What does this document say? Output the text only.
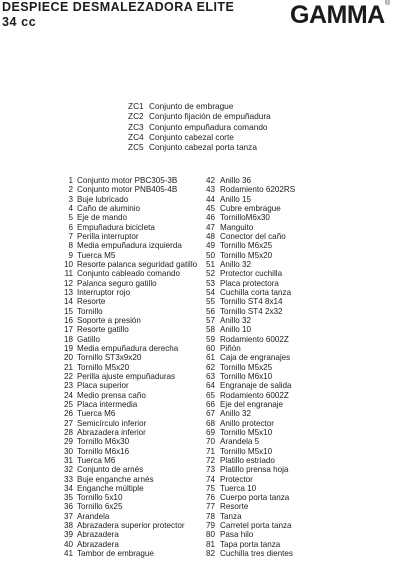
DESPIECE DESMALEZADORA ELITE
34 cc	GAMMA ®
ZC1 Conjunto de embrague
ZC2 Conjunto fijación de empuñadura
ZC3 Conjunto empuñadura comando
ZC4 Conjunto cabezal corte
ZC5 Conjunto cabezal porta tanza
1 Conjunto motor PBC305-3B
2 Conjunto motor PNB405-4B
3 Buje lubricado
4 Caño de aluminio
5 Eje de mando
6 Empuñadura bicicleta
7 Perilla interruptor
8 Media empuñadura izquierda
9 Tuerca M5
10 Resorte palanca seguridad gatillo
11 Conjunto cableado comando
12 Palanca seguro gatillo
13 Interruptor rojo
14 Resorte
15 Tornillo
16 Soporte a presión
17 Resorte gatillo
18 Gatillo
19 Media empuñadura derecha
20 Tornillo ST3x9x20
21 Tornillo M5x20
22 Perilla ajuste empuñaduras
23 Placa superior
24 Medio prensa caño
25 Placa intermedia
26 Tuerca M6
27 Semicírculo inferior
28 Abrazadera inferior
29 Tornillo M6x30
30 Tornillo M6x16
31 Tuerca M6
32 Conjunto de arnés
33 Buje enganche arnés
34 Enganche múltiple
35 Tornillo 5x10
36 Tornillo 6x25
37 Arandela
38 Abrazadera superior protector
39 Abrazadera
40 Abrazadera
41 Tambor de embrague
42 Anillo 36
43 Rodamiento 6202RS
44 Anillo 15
45 Cubre embrague
46 TornilloM6x30
47 Manguito
48 Conector del caño
49 Tornillo M6x25
50 Tornillo M5x20
51 Anillo 32
52 Protector cuchilla
53 Placa protectora
54 Cuchilla corta tanza
55 Tornillo ST4 8x14
56 Tornillo ST4 2x32
57 Anillo 32
58 Anillo 10
59 Rodamiento 6002Z
60 Piñón
61 Caja de engranajes
62 Tornillo M5x25
63 Tornillo M6x10
64 Engranaje de salida
65 Rodamiento 6002Z
66 Eje del engranaje
67 Anillo 32
68 Anillo protector
69 Tornillo M5x10
70 Arandela 5
71 Tornillo M5x10
72 Platillo estriado
73 Platillo prensa hoja
74 Protector
75 Tuerca 10
76 Cuerpo porta tanza
77 Resorte
78 Tanza
79 Carretel porta tanza
80 Pasa hilo
81 Tapa porta tanza
82 Cuchilla tres dientes
